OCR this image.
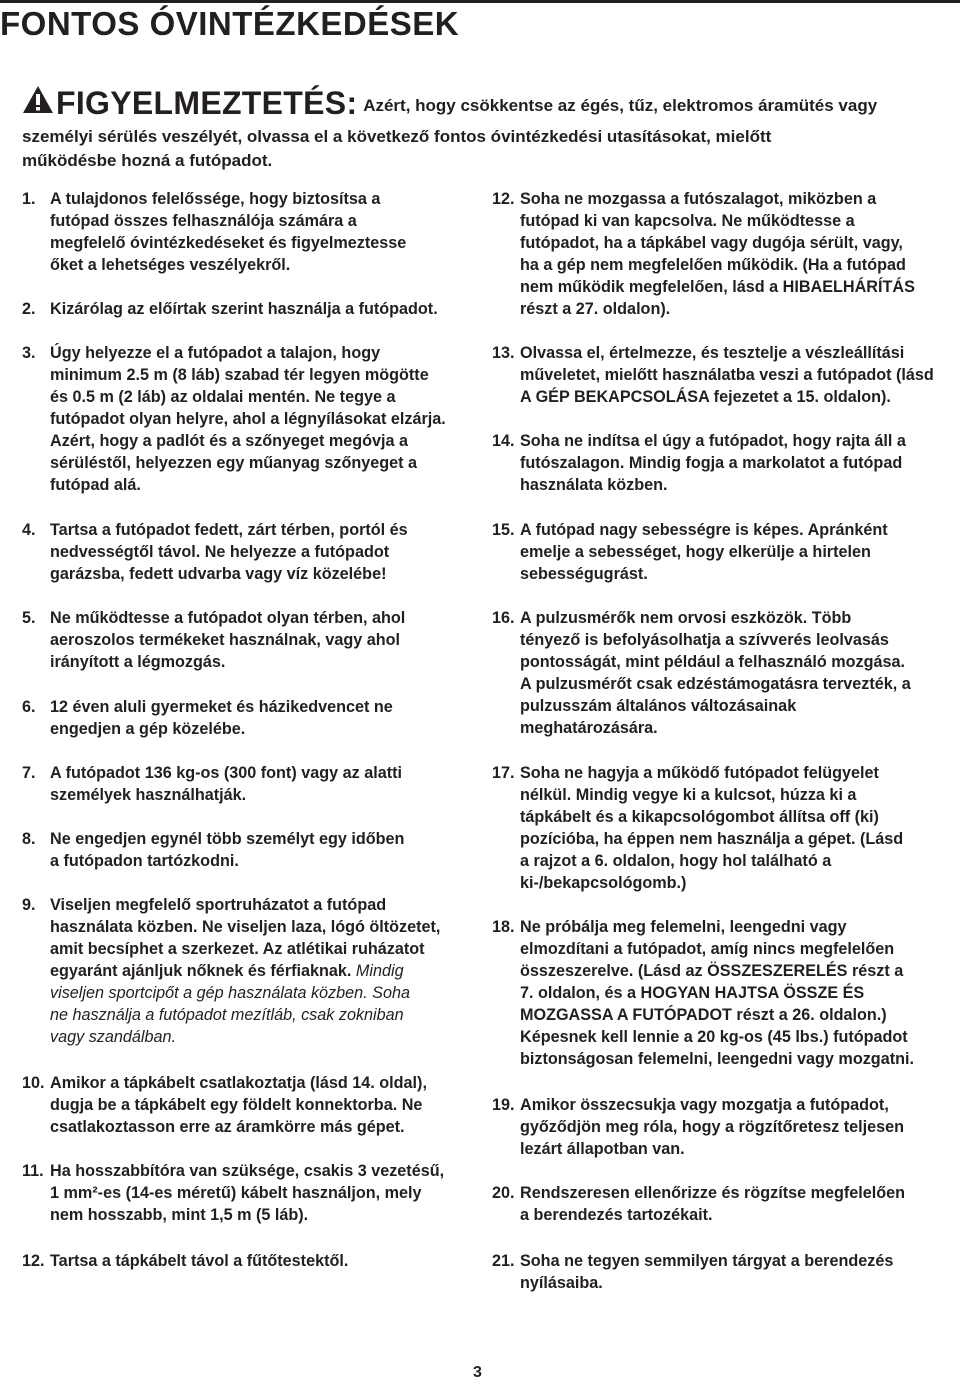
FONTOS ÓVINTÉZKEDÉSEK

FIGYELMEZTETÉS: Azért, hogy csökkentse az égés, tűz, elektromos áramütés vagy

személyi sérülés veszélyét, olvassa el a következő fontos óvintézkedési utasításokat, mielőtt

működésbe hozná a futópadot.

1. A tulajdonos felelőssége, hogy biztosítsa a
futópad összes felhasználója számára a
megfelelő óvintézkedéseket és figyelmeztesse
őket a lehetséges veszélyekről.
2. Kizárólag az előírtak szerint használja a futópadot.
3. Úgy helyezze el a futópadot a talajon, hogy
minimum 2.5 m (8 láb) szabad tér legyen mögötte
és 0.5 m (2 láb) az oldalai mentén. Ne tegye a
futópadot olyan helyre, ahol a légnyílásokat elzárja.
Azért, hogy a padlót és a szőnyeget megóvja a
sérüléstől, helyezzen egy műanyag szőnyeget a
futópad alá.
4. Tartsa a futópadot fedett, zárt térben, portól és
nedvességtől távol. Ne helyezze a futópadot
garázsba, fedett udvarba vagy víz közelébe!
5. Ne működtesse a futópadot olyan térben, ahol
aeroszolos termékeket használnak, vagy ahol
irányított a légmozgás.
6. 12 éven aluli gyermeket és házikedvencet ne
engedjen a gép közelébe.
7. A futópadot 136 kg-os (300 font) vagy az alatti
személyek használhatják.
8. Ne engedjen egynél több személyt egy időben
a futópadon tartózkodni.
9. Viseljen megfelelő sportruházatot a futópad
használata közben. Ne viseljen laza, lógó öltözetet,
amit becsíphet a szerkezet. Az atlétikai ruházatot
egyaránt ajánljuk nőknek és férfiaknak. Mindig
viseljen sportcipőt a gép használata közben. Soha
ne használja a futópadot mezítláb, csak zokniban
vagy szandálban.
10. Amikor a tápkábelt csatlakoztatja (lásd 14. oldal),
dugja be a tápkábelt egy földelt konnektorba. Ne
csatlakoztasson erre az áramkörre más gépet.
11. Ha hosszabbítóra van szüksége, csakis 3 vezetésű,
1 mm²-es (14-es méretű) kábelt használjon, mely
nem hosszabb, mint 1,5 m (5 láb).
12. Tartsa a tápkábelt távol a fűtőtestektől.
12. Soha ne mozgassa a futószalagot, miközben a
futópad ki van kapcsolva. Ne működtesse a
futópadot, ha a tápkábel vagy dugója sérült, vagy,
ha a gép nem megfelelően működik. (Ha a futópad
nem működik megfelelően, lásd a HIBAELHÁRÍTÁS
részt a 27. oldalon).
13. Olvassa el, értelmezze, és tesztelje a vészleállítási
műveletet, mielőtt használatba veszi a futópadot (lásd
A GÉP BEKAPCSOLÁSA fejezetet a 15. oldalon).
14. Soha ne indítsa el úgy a futópadot, hogy rajta áll a
futószalagon. Mindig fogja a markolatot a futópad
használata közben.
15. A futópad nagy sebességre is képes. Apránként
emelje a sebességet, hogy elkerülje a hirtelen
sebességugrást.
16. A pulzusmérők nem orvosi eszközök. Több
tényező is befolyásolhatja a szívverés leolvasás
pontosságát, mint például a felhasználó mozgása.
A pulzusmérőt csak edzéstámogatásra tervezték, a
pulzusszám általános változásainak
meghatározására.
17. Soha ne hagyja a működő futópadot felügyelet
nélkül. Mindig vegye ki a kulcsot, húzza ki a
tápkábelt és a kikapcsológombot állítsa off (ki)
pozícióba, ha éppen nem használja a gépet. (Lásd
a rajzot a 6. oldalon, hogy hol található a
ki-/bekapcsológomb.)
18. Ne próbálja meg felemelni, leengedni vagy
elmozdítani a futópadot, amíg nincs megfelelően
összeszerelve. (Lásd az ÖSSZESZERELÉS részt a
7. oldalon, és a HOGYAN HAJTSA ÖSSZE ÉS
MOZGASSA A FUTÓPADOT részt a 26. oldalon.)
Képesnek kell lennie a 20 kg-os (45 lbs.) futópadot
biztonságosan felemelni, leengedni vagy mozgatni.
19. Amikor összecsukja vagy mozgatja a futópadot,
győződjön meg róla, hogy a rögzítőretesz teljesen
lezárt állapotban van.
20. Rendszeresen ellenőrizze és rögzítse megfelelően
a berendezés tartozékait.
21. Soha ne tegyen semmilyen tárgyat a berendezés
nyílásaiba.
3
